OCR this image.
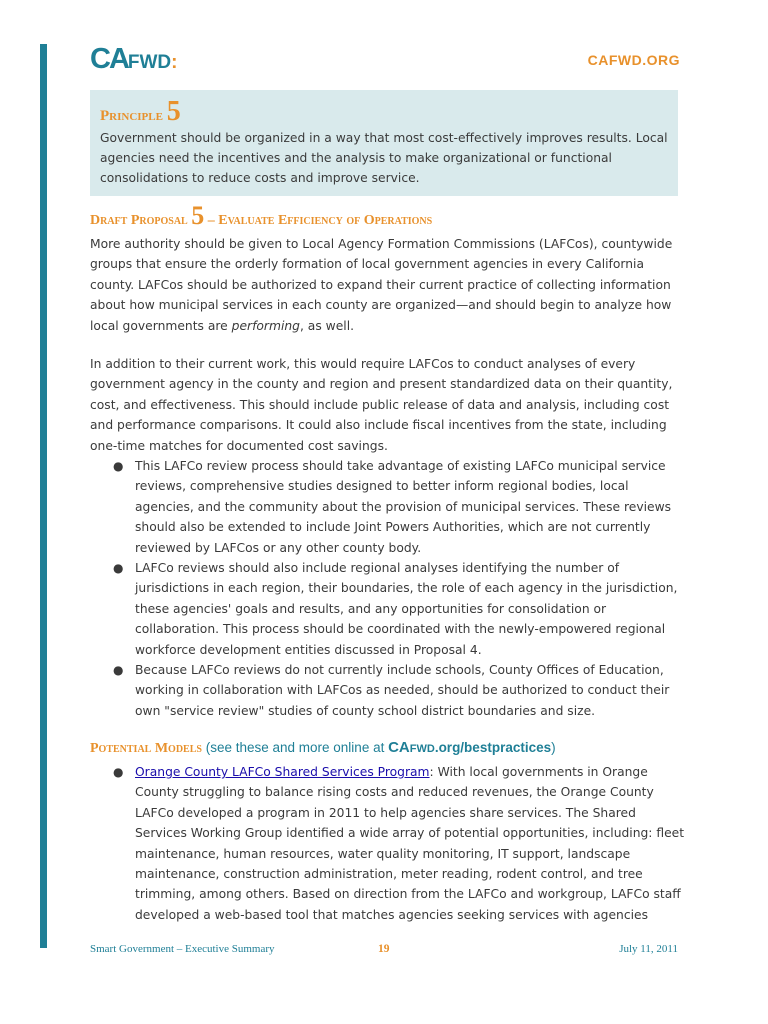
CAFWD:	CAFWD.ORG
Principle 5
Government should be organized in a way that most cost-effectively improves results. Local agencies need the incentives and the analysis to make organizational or functional consolidations to reduce costs and improve service.
Draft Proposal 5 – Evaluate Efficiency of Operations
More authority should be given to Local Agency Formation Commissions (LAFCos), countywide groups that ensure the orderly formation of local government agencies in every California county. LAFCos should be authorized to expand their current practice of collecting information about how municipal services in each county are organized—and should begin to analyze how local governments are performing, as well.
In addition to their current work, this would require LAFCos to conduct analyses of every government agency in the county and region and present standardized data on their quantity, cost, and effectiveness. This should include public release of data and analysis, including cost and performance comparisons. It could also include fiscal incentives from the state, including one-time matches for documented cost savings.
● This LAFCo review process should take advantage of existing LAFCo municipal service reviews, comprehensive studies designed to better inform regional bodies, local agencies, and the community about the provision of municipal services. These reviews should also be extended to include Joint Powers Authorities, which are not currently reviewed by LAFCos or any other county body.
● LAFCo reviews should also include regional analyses identifying the number of jurisdictions in each region, their boundaries, the role of each agency in the jurisdiction, these agencies' goals and results, and any opportunities for consolidation or collaboration. This process should be coordinated with the newly-empowered regional workforce development entities discussed in Proposal 4.
● Because LAFCo reviews do not currently include schools, County Offices of Education, working in collaboration with LAFCos as needed, should be authorized to conduct their own "service review" studies of county school district boundaries and size.
Potential Models (see these and more online at CAFWD.org/bestpractices)
● Orange County LAFCo Shared Services Program: With local governments in Orange County struggling to balance rising costs and reduced revenues, the Orange County LAFCo developed a program in 2011 to help agencies share services. The Shared Services Working Group identified a wide array of potential opportunities, including: fleet maintenance, human resources, water quality monitoring, IT support, landscape maintenance, construction administration, meter reading, rodent control, and tree trimming, among others. Based on direction from the LAFCo and workgroup, LAFCo staff developed a web-based tool that matches agencies seeking services with agencies
Smart Government – Executive Summary	19	July 11, 2011
